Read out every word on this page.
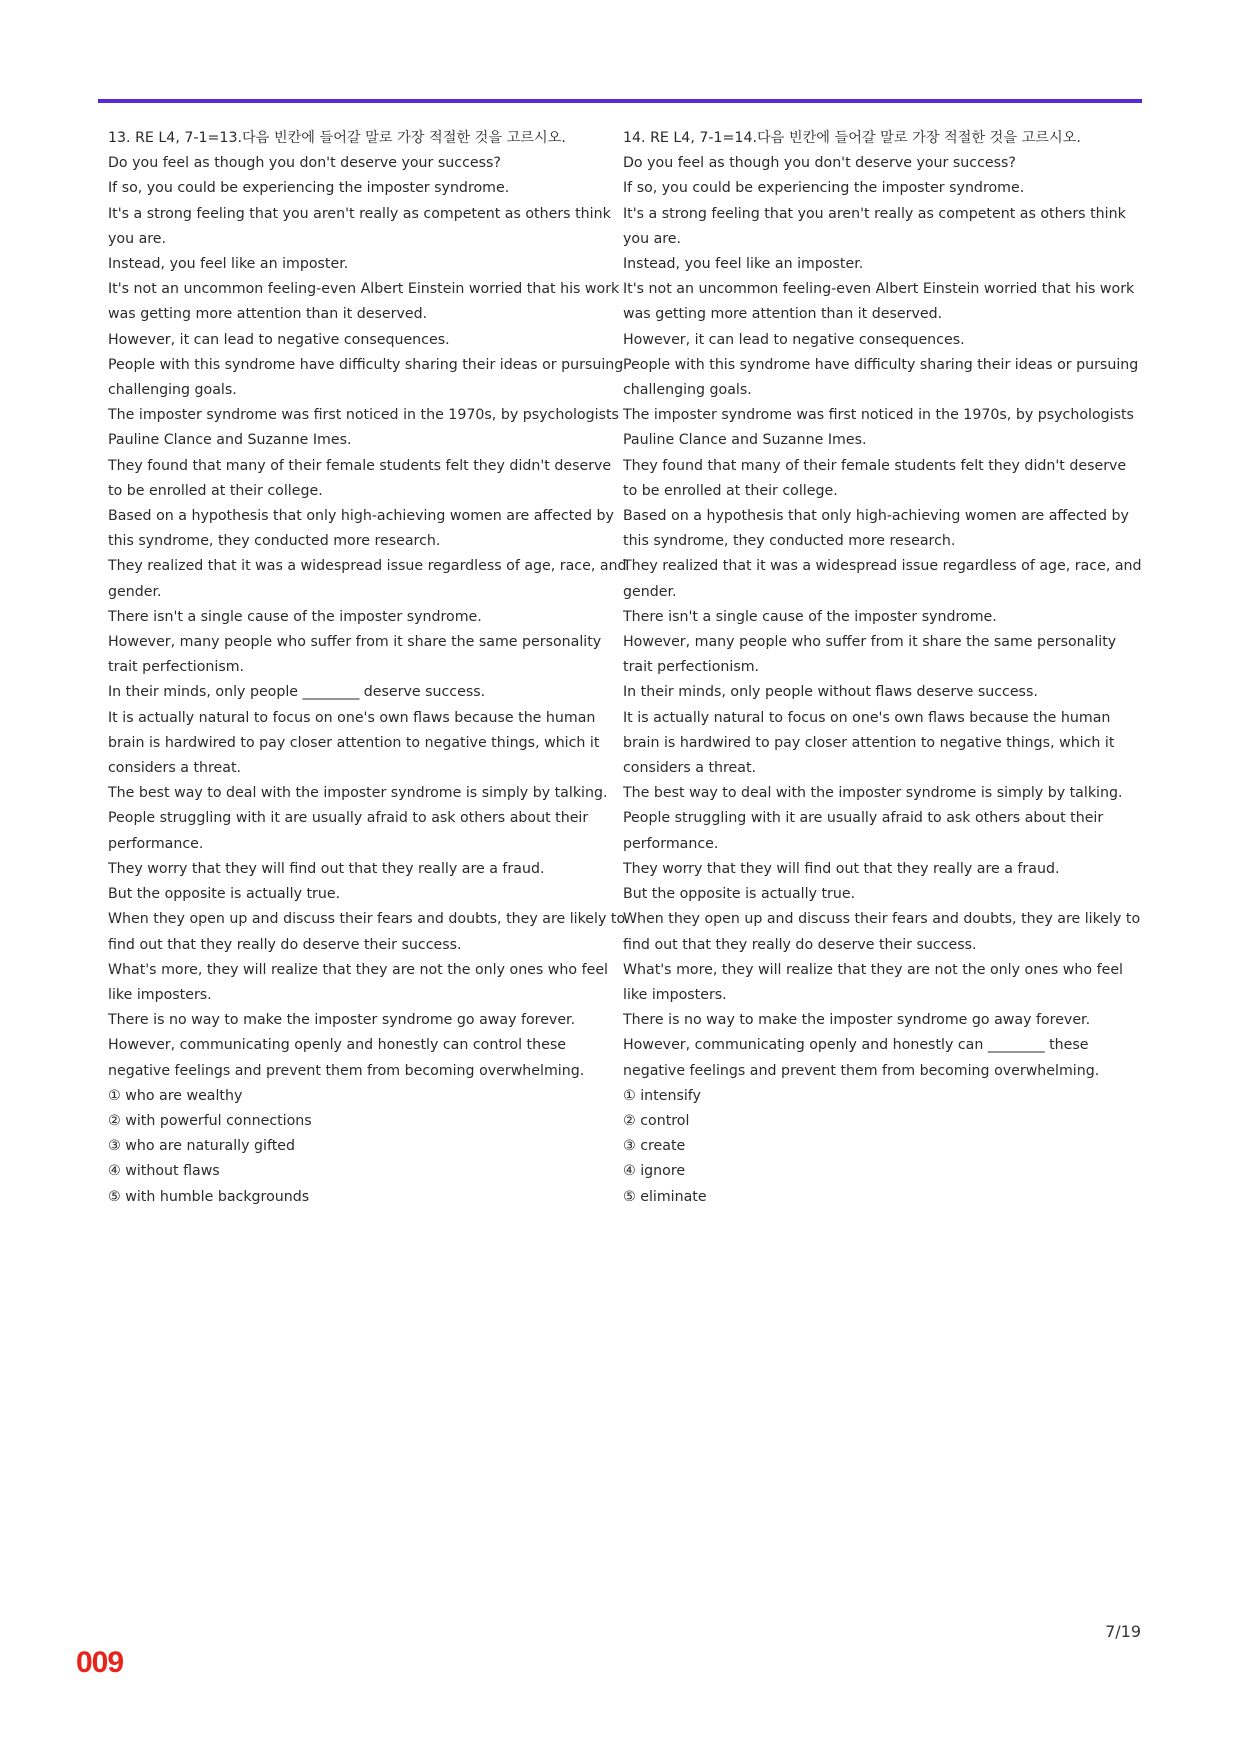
13. RE L4, 7-1=13.다음 빈칸에 들어갈 말로 가장 적절한 것을 고르시오.
Do you feel as though you don't deserve your success?
If so, you could be experiencing the imposter syndrome.
It's a strong feeling that you aren't really as competent as others think you are.
Instead, you feel like an imposter.
It's not an uncommon feeling-even Albert Einstein worried that his work was getting more attention than it deserved.
However, it can lead to negative consequences.
People with this syndrome have difficulty sharing their ideas or pursuing challenging goals.
The imposter syndrome was first noticed in the 1970s, by psychologists Pauline Clance and Suzanne Imes.
They found that many of their female students felt they didn't deserve to be enrolled at their college.
Based on a hypothesis that only high-achieving women are affected by this syndrome, they conducted more research.
They realized that it was a widespread issue regardless of age, race, and gender.
There isn't a single cause of the imposter syndrome.
However, many people who suffer from it share the same personality trait perfectionism.
In their minds, only people ________ deserve success.
It is actually natural to focus on one's own flaws because the human brain is hardwired to pay closer attention to negative things, which it considers a threat.
The best way to deal with the imposter syndrome is simply by talking.
People struggling with it are usually afraid to ask others about their performance.
They worry that they will find out that they really are a fraud.
But the opposite is actually true.
When they open up and discuss their fears and doubts, they are likely to find out that they really do deserve their success.
What's more, they will realize that they are not the only ones who feel like imposters.
There is no way to make the imposter syndrome go away forever.
However, communicating openly and honestly can control these negative feelings and prevent them from becoming overwhelming.
① who are wealthy
② with powerful connections
③ who are naturally gifted
④ without flaws
⑤ with humble backgrounds
14. RE L4, 7-1=14.다음 빈칸에 들어갈 말로 가장 적절한 것을 고르시오.
Do you feel as though you don't deserve your success?
If so, you could be experiencing the imposter syndrome.
It's a strong feeling that you aren't really as competent as others think you are.
Instead, you feel like an imposter.
It's not an uncommon feeling-even Albert Einstein worried that his work was getting more attention than it deserved.
However, it can lead to negative consequences.
People with this syndrome have difficulty sharing their ideas or pursuing challenging goals.
The imposter syndrome was first noticed in the 1970s, by psychologists Pauline Clance and Suzanne Imes.
They found that many of their female students felt they didn't deserve to be enrolled at their college.
Based on a hypothesis that only high-achieving women are affected by this syndrome, they conducted more research.
They realized that it was a widespread issue regardless of age, race, and gender.
There isn't a single cause of the imposter syndrome.
However, many people who suffer from it share the same personality trait perfectionism.
In their minds, only people without flaws deserve success.
It is actually natural to focus on one's own flaws because the human brain is hardwired to pay closer attention to negative things, which it considers a threat.
The best way to deal with the imposter syndrome is simply by talking.
People struggling with it are usually afraid to ask others about their performance.
They worry that they will find out that they really are a fraud.
But the opposite is actually true.
When they open up and discuss their fears and doubts, they are likely to find out that they really do deserve their success.
What's more, they will realize that they are not the only ones who feel like imposters.
There is no way to make the imposter syndrome go away forever.
However, communicating openly and honestly can ________ these negative feelings and prevent them from becoming overwhelming.
① intensify
② control
③ create
④ ignore
⑤ eliminate
7/19
009
